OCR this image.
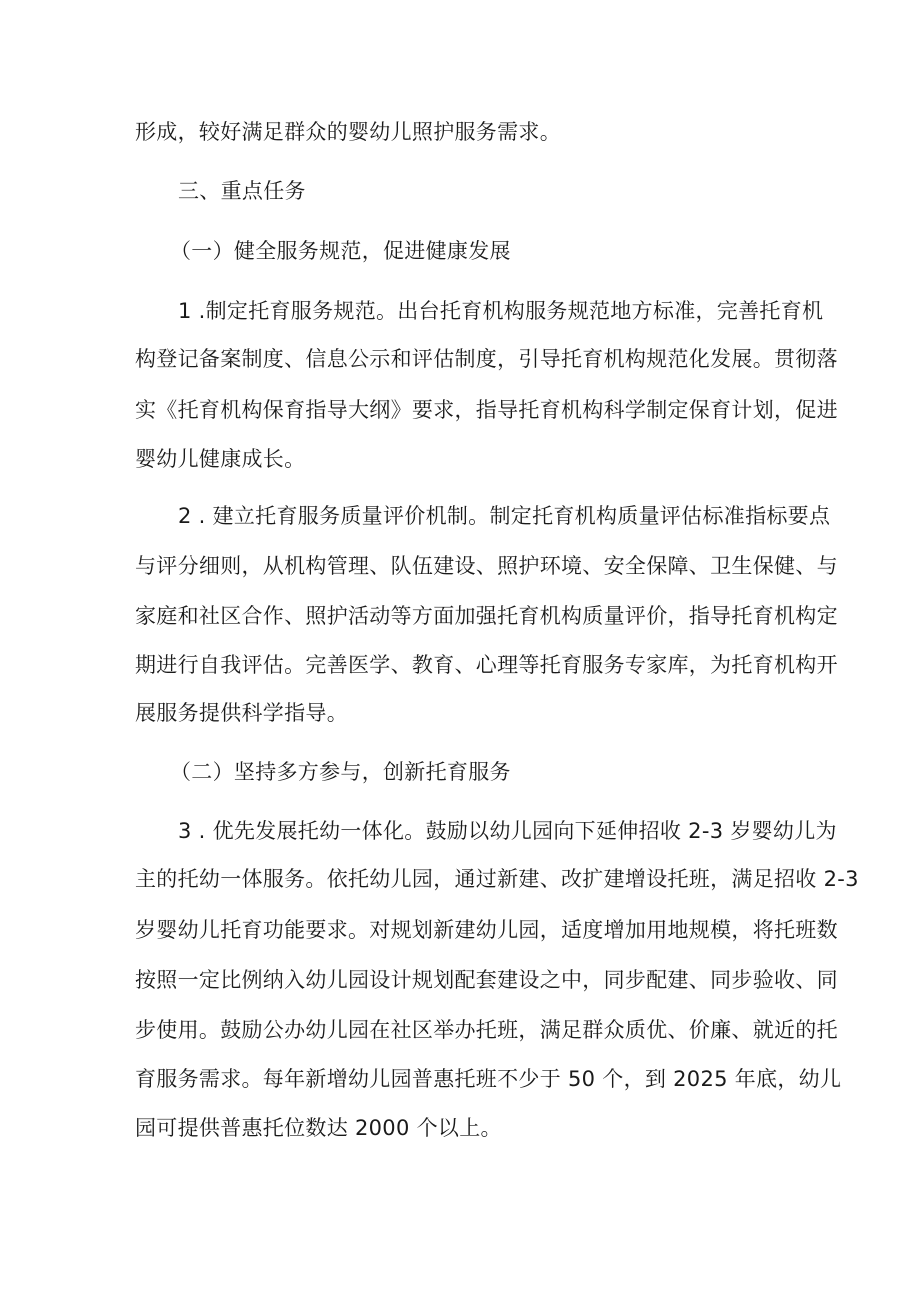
形成，较好满足群众的婴幼儿照护服务需求。
三、重点任务
（一）健全服务规范，促进健康发展
1 .制定托育服务规范。出台托育机构服务规范地方标准，完善托育机
构登记备案制度、信息公示和评估制度，引导托育机构规范化发展。贯彻落
实《托育机构保育指导大纲》要求，指导托育机构科学制定保育计划，促进
婴幼儿健康成长。
2 . 建立托育服务质量评价机制。制定托育机构质量评估标准指标要点
与评分细则，从机构管理、队伍建设、照护环境、安全保障、卫生保健、与
家庭和社区合作、照护活动等方面加强托育机构质量评价，指导托育机构定
期进行自我评估。完善医学、教育、心理等托育服务专家库，为托育机构开
展服务提供科学指导。
（二）坚持多方参与，创新托育服务
3 . 优先发展托幼一体化。鼓励以幼儿园向下延伸招收 2-3 岁婴幼儿为
主的托幼一体服务。依托幼儿园，通过新建、改扩建增设托班，满足招收 2-3
岁婴幼儿托育功能要求。对规划新建幼儿园，适度增加用地规模，将托班数
按照一定比例纳入幼儿园设计规划配套建设之中，同步配建、同步验收、同
步使用。鼓励公办幼儿园在社区举办托班，满足群众质优、价廉、就近的托
育服务需求。每年新增幼儿园普惠托班不少于 50 个，到 2025 年底，幼儿
园可提供普惠托位数达 2000 个以上。
